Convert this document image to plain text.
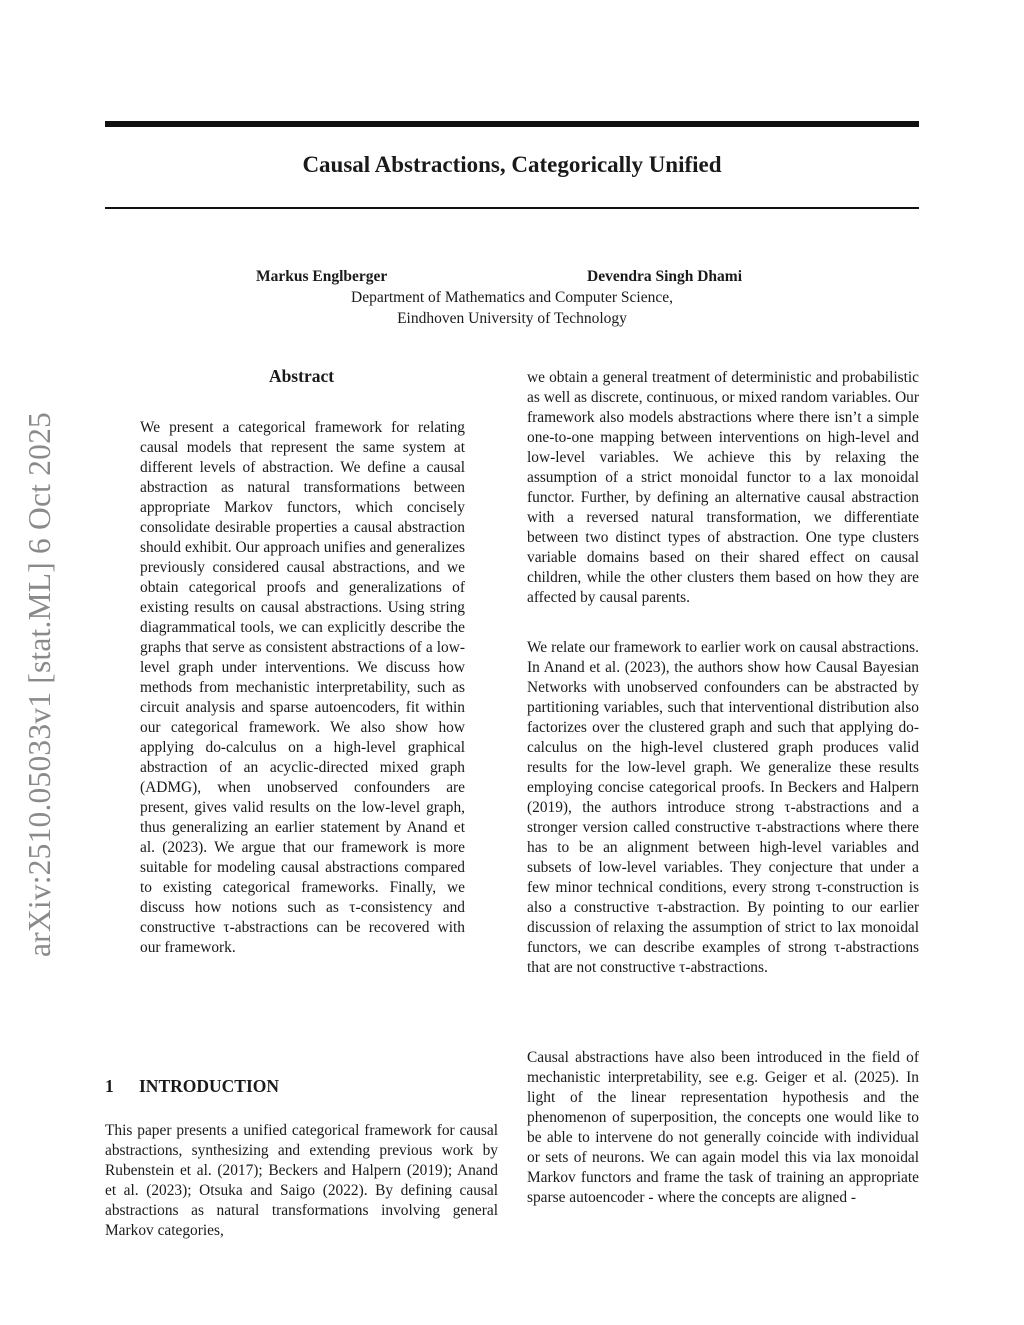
arXiv:2510.05033v1 [stat.ML] 6 Oct 2025
Causal Abstractions, Categorically Unified
Markus Englberger	Devendra Singh Dhami
Department of Mathematics and Computer Science,
Eindhoven University of Technology
Abstract

We present a categorical framework for relating causal models that represent the same system at different levels of abstraction. We define a causal abstraction as natural transformations between appropriate Markov functors, which concisely consolidate desirable properties a causal abstraction should exhibit. Our approach unifies and generalizes previously considered causal abstractions, and we obtain categorical proofs and generalizations of existing results on causal abstractions. Using string diagrammatical tools, we can explicitly describe the graphs that serve as consistent abstractions of a low-level graph under interventions. We discuss how methods from mechanistic interpretability, such as circuit analysis and sparse autoencoders, fit within our categorical framework. We also show how applying do-calculus on a high-level graphical abstraction of an acyclic-directed mixed graph (ADMG), when unobserved confounders are present, gives valid results on the low-level graph, thus generalizing an earlier statement by Anand et al. (2023). We argue that our framework is more suitable for modeling causal abstractions compared to existing categorical frameworks. Finally, we discuss how notions such as τ-consistency and constructive τ-abstractions can be recovered with our framework.

1 INTRODUCTION

This paper presents a unified categorical framework for causal abstractions, synthesizing and extending previous work by Rubenstein et al. (2017); Beckers and Halpern (2019); Anand et al. (2023); Otsuka and Saigo (2022). By defining causal abstractions as natural transformations involving general Markov categories,

we obtain a general treatment of deterministic and probabilistic as well as discrete, continuous, or mixed random variables. Our framework also models abstractions where there isn’t a simple one-to-one mapping between interventions on high-level and low-level variables. We achieve this by relaxing the assumption of a strict monoidal functor to a lax monoidal functor. Further, by defining an alternative causal abstraction with a reversed natural transformation, we differentiate between two distinct types of abstraction. One type clusters variable domains based on their shared effect on causal children, while the other clusters them based on how they are affected by causal parents.

We relate our framework to earlier work on causal abstractions. In Anand et al. (2023), the authors show how Causal Bayesian Networks with unobserved confounders can be abstracted by partitioning variables, such that interventional distribution also factorizes over the clustered graph and such that applying do-calculus on the high-level clustered graph produces valid results for the low-level graph. We generalize these results employing concise categorical proofs. In Beckers and Halpern (2019), the authors introduce strong τ-abstractions and a stronger version called constructive τ-abstractions where there has to be an alignment between high-level variables and subsets of low-level variables. They conjecture that under a few minor technical conditions, every strong τ-construction is also a constructive τ-abstraction. By pointing to our earlier discussion of relaxing the assumption of strict to lax monoidal functors, we can describe examples of strong τ-abstractions that are not constructive τ-abstractions.

Causal abstractions have also been introduced in the field of mechanistic interpretability, see e.g. Geiger et al. (2025). In light of the linear representation hypothesis and the phenomenon of superposition, the concepts one would like to be able to intervene do not generally coincide with individual or sets of neurons. We can again model this via lax monoidal Markov functors and frame the task of training an appropriate sparse autoencoder - where the concepts are aligned -
